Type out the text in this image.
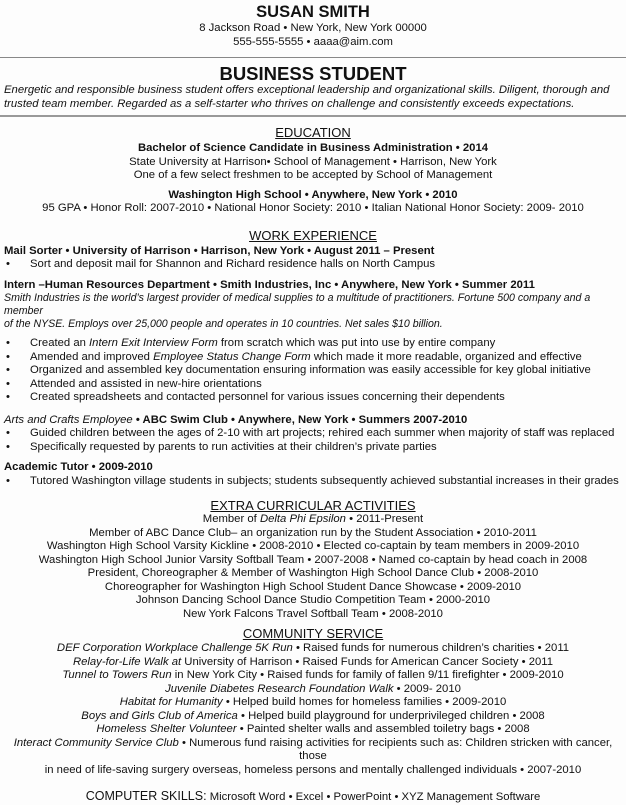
SUSAN SMITH
8 Jackson Road • New York, New York 00000
555-555-5555 • aaaa@aim.com
BUSINESS STUDENT
Energetic and responsible business student offers exceptional leadership and organizational skills. Diligent, thorough and
trusted team member. Regarded as a self-starter who thrives on challenge and consistently exceeds expectations.
EDUCATION
Bachelor of Science Candidate in Business Administration • 2014
State University at Harrison• School of Management • Harrison, New York
One of a few select freshmen to be accepted by School of Management
Washington High School • Anywhere, New York • 2010
95 GPA • Honor Roll: 2007-2010 • National Honor Society: 2010 • Italian National Honor Society: 2009- 2010
WORK EXPERIENCE
Mail Sorter • University of Harrison • Harrison, New York • August 2011 – Present
•	Sort and deposit mail for Shannon and Richard residence halls on North Campus
Intern –Human Resources Department • Smith Industries, Inc • Anywhere, New York • Summer 2011
Smith Industries is the world’s largest provider of medical supplies to a multitude of practitioners. Fortune 500 company and a member
of the NYSE. Employs over 25,000 people and operates in 10 countries. Net sales $10 billion.
•	Created an Intern Exit Interview Form from scratch which was put into use by entire company
•	Amended and improved Employee Status Change Form which made it more readable, organized and effective
•	Organized and assembled key documentation ensuring information was easily accessible for key global initiative
•	Attended and assisted in new-hire orientations
•	Created spreadsheets and contacted personnel for various issues concerning their dependents
Arts and Crafts Employee • ABC Swim Club • Anywhere, New York • Summers 2007-2010
•	Guided children between the ages of 2-10 with art projects; rehired each summer when majority of staff was replaced
•	Specifically requested by parents to run activities at their children’s private parties
Academic Tutor • 2009-2010
•	Tutored Washington village students in subjects; students subsequently achieved substantial increases in their grades
EXTRA CURRICULAR ACTIVITIES
Member of Delta Phi Epsilon • 2011-Present
Member of ABC Dance Club– an organization run by the Student Association • 2010-2011
Washington High School Varsity Kickline • 2008-2010 • Elected co-captain by team members in 2009-2010
Washington High School Junior Varsity Softball Team • 2007-2008 • Named co-captain by head coach in 2008
President, Choreographer & Member of Washington High School Dance Club • 2008-2010
Choreographer for Washington High School Student Dance Showcase • 2009-2010
Johnson Dancing School Dance Studio Competition Team • 2000-2010
New York Falcons Travel Softball Team • 2008-2010
COMMUNITY SERVICE
DEF Corporation Workplace Challenge 5K Run • Raised funds for numerous children’s charities • 2011
Relay-for-Life Walk at University of Harrison • Raised Funds for American Cancer Society • 2011
Tunnel to Towers Run in New York City • Raised funds for family of fallen 9/11 firefighter • 2009-2010
Juvenile Diabetes Research Foundation Walk • 2009- 2010
Habitat for Humanity • Helped build homes for homeless families • 2009-2010
Boys and Girls Club of America • Helped build playground for underprivileged children • 2008
Homeless Shelter Volunteer • Painted shelter walls and assembled toiletry bags • 2008
Interact Community Service Club • Numerous fund raising activities for recipients such as: Children stricken with cancer, those
in need of life-saving surgery overseas, homeless persons and mentally challenged individuals • 2007-2010
COMPUTER SKILLS: Microsoft Word • Excel • PowerPoint • XYZ Management Software
